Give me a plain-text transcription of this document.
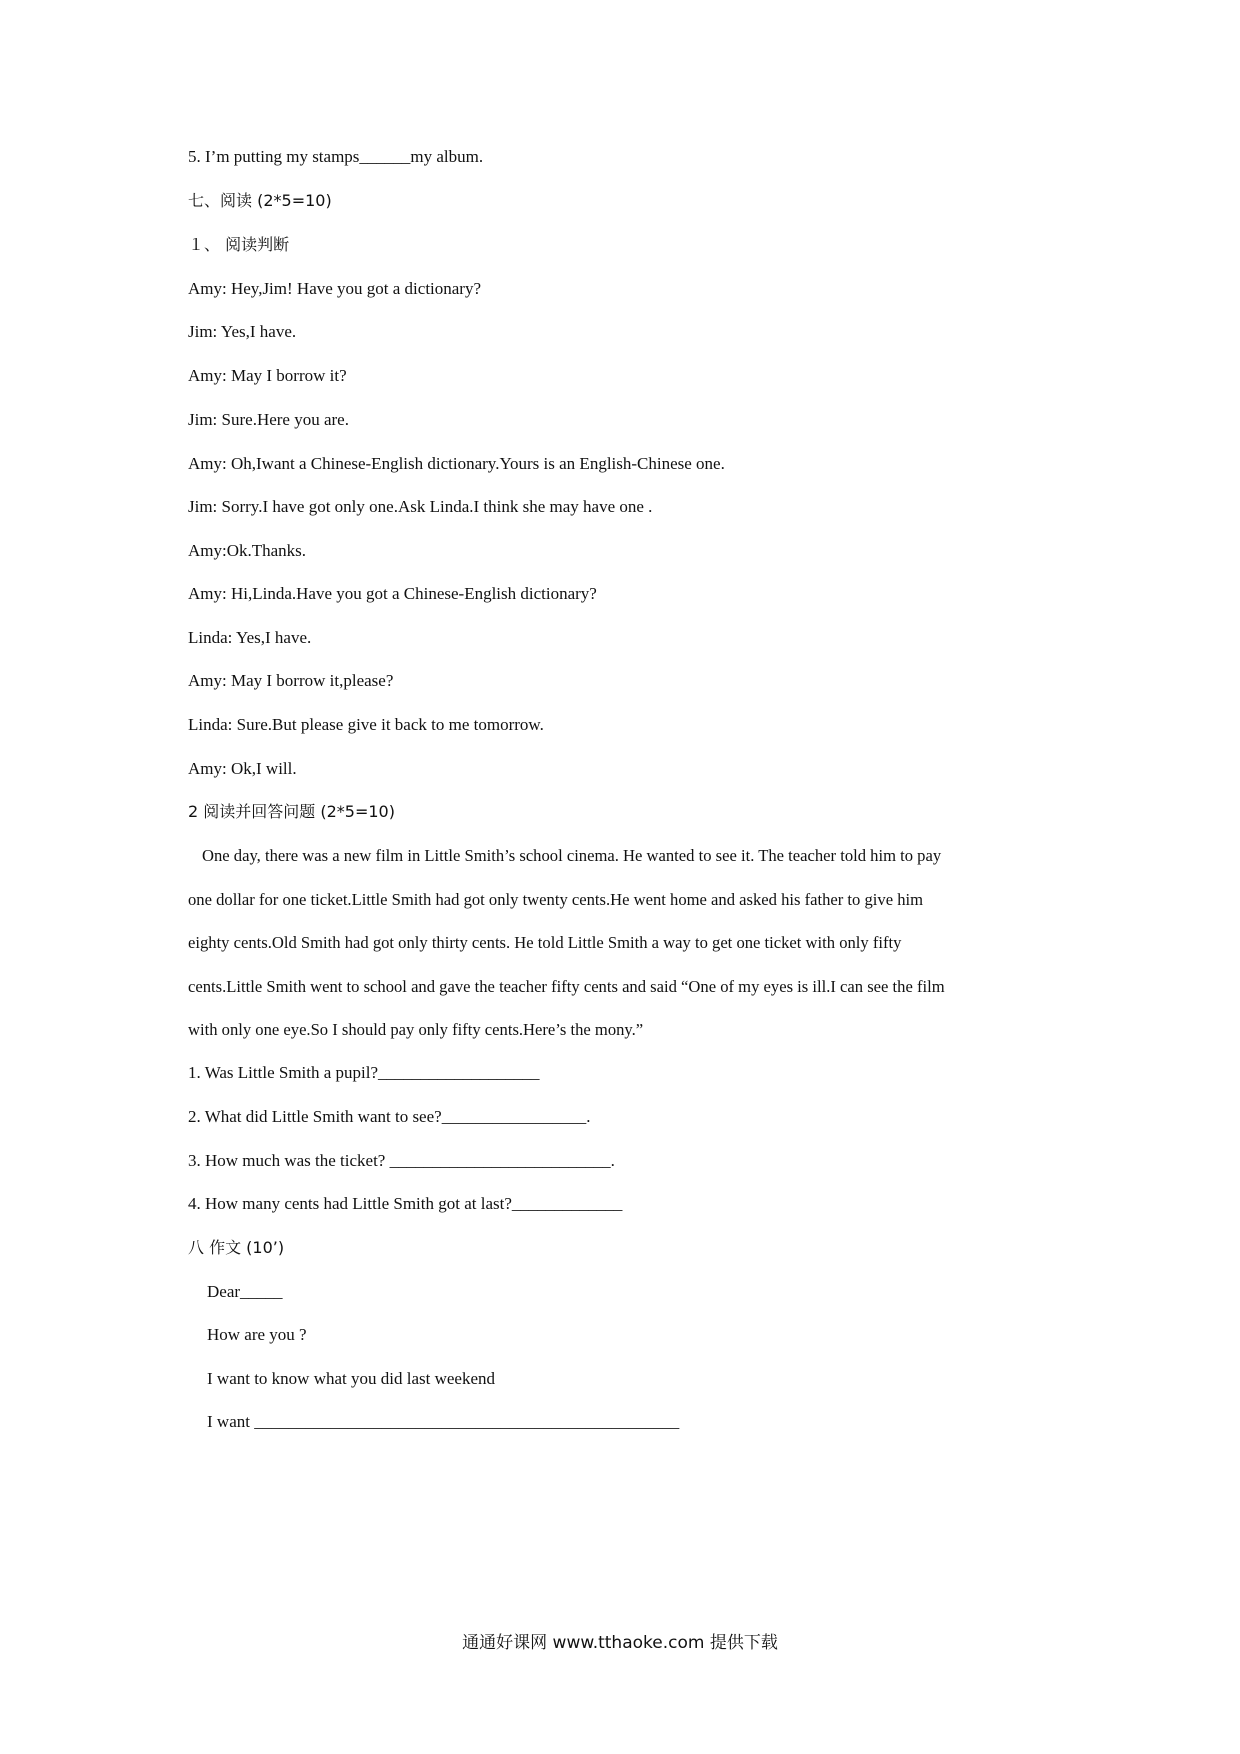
5. I’m putting my stamps______my album.
七、阅读 (2*5=10)
１、 阅读判断
Amy: Hey,Jim! Have you got a dictionary?
Jim: Yes,I have.
Amy: May I borrow it?
Jim: Sure.Here you are.
Amy: Oh,Iwant a Chinese-English dictionary.Yours is an English-Chinese one.
Jim: Sorry.I have got only one.Ask Linda.I think she may have one .
Amy:Ok.Thanks.
Amy: Hi,Linda.Have you got a Chinese-English dictionary?
Linda: Yes,I have.
Amy: May I borrow it,please?
Linda: Sure.But please give it back to me tomorrow.
Amy: Ok,I will.
2 阅读并回答问题 (2*5=10)
One day, there was a new film in Little Smith’s school cinema. He wanted to see it. The teacher told him to pay
one dollar for one ticket.Little Smith had got only twenty cents.He went home and asked his father to give him
eighty cents.Old Smith had got only thirty cents. He told Little Smith a way to get one ticket with only fifty
cents.Little Smith went to school and gave the teacher fifty cents and said “One of my eyes is ill.I can see the film
with only one eye.So I should pay only fifty cents.Here’s the mony.”
1. Was Little Smith a pupil?___________________
2. What did Little Smith want to see?_________________.
3. How much was the ticket? __________________________.
4. How many cents had Little Smith got at last?_____________
八 作文 (10’)
Dear_____
How are you ?
I want to know what you did last weekend
I want __________________________________________________
通通好课网 www.tthaoke.com 提供下载
